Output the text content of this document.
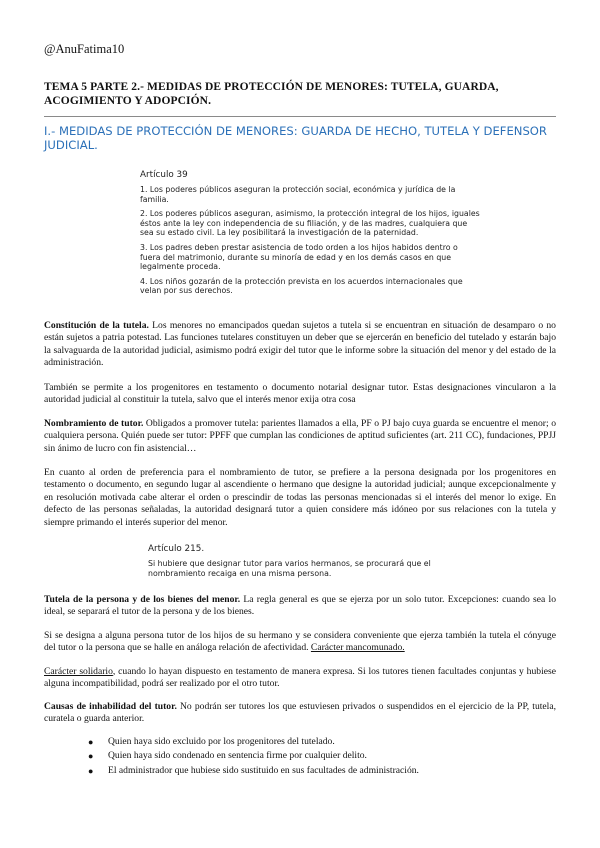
@AnuFatima10
TEMA 5 PARTE 2.- MEDIDAS DE PROTECCIÓN DE MENORES: TUTELA, GUARDA, ACOGIMIENTO Y ADOPCIÓN.
I.- MEDIDAS DE PROTECCIÓN DE MENORES: GUARDA DE HECHO, TUTELA Y DEFENSOR JUDICIAL.
Artículo 39
1. Los poderes públicos aseguran la protección social, económica y jurídica de la familia.
2. Los poderes públicos aseguran, asimismo, la protección integral de los hijos, iguales éstos ante la ley con independencia de su filiación, y de las madres, cualquiera que sea su estado civil. La ley posibilitará la investigación de la paternidad.
3. Los padres deben prestar asistencia de todo orden a los hijos habidos dentro o fuera del matrimonio, durante su minoría de edad y en los demás casos en que legalmente proceda.
4. Los niños gozarán de la protección prevista en los acuerdos internacionales que velan por sus derechos.
Constitución de la tutela. Los menores no emancipados quedan sujetos a tutela si se encuentran en situación de desamparo o no están sujetos a patria potestad. Las funciones tutelares constituyen un deber que se ejercerán en beneficio del tutelado y estarán bajo la salvaguarda de la autoridad judicial, asimismo podrá exigir del tutor que le informe sobre la situación del menor y del estado de la administración.
También se permite a los progenitores en testamento o documento notarial designar tutor. Estas designaciones vincularon a la autoridad judicial al constituir la tutela, salvo que el interés menor exija otra cosa
Nombramiento de tutor. Obligados a promover tutela: parientes llamados a ella, PF o PJ bajo cuya guarda se encuentre el menor; o cualquiera persona. Quién puede ser tutor: PPFF que cumplan las condiciones de aptitud suficientes (art. 211 CC), fundaciones, PPJJ sin ánimo de lucro con fin asistencial…
En cuanto al orden de preferencia para el nombramiento de tutor, se prefiere a la persona designada por los progenitores en testamento o documento, en segundo lugar al ascendiente o hermano que designe la autoridad judicial; aunque excepcionalmente y en resolución motivada cabe alterar el orden o prescindir de todas las personas mencionadas si el interés del menor lo exige. En defecto de las personas señaladas, la autoridad designará tutor a quien considere más idóneo por sus relaciones con la tutela y siempre primando el interés superior del menor.
Artículo 215.
Si hubiere que designar tutor para varios hermanos, se procurará que el nombramiento recaiga en una misma persona.
Tutela de la persona y de los bienes del menor. La regla general es que se ejerza por un solo tutor. Excepciones: cuando sea lo ideal, se separará el tutor de la persona y de los bienes.
Si se designa a alguna persona tutor de los hijos de su hermano y se considera conveniente que ejerza también la tutela el cónyuge del tutor o la persona que se halle en análoga relación de afectividad. Carácter mancomunado.
Carácter solidario, cuando lo hayan dispuesto en testamento de manera expresa. Si los tutores tienen facultades conjuntas y hubiese alguna incompatibilidad, podrá ser realizado por el otro tutor.
Causas de inhabilidad del tutor. No podrán ser tutores los que estuviesen privados o suspendidos en el ejercicio de la PP, tutela, curatela o guarda anterior.
● Quien haya sido excluido por los progenitores del tutelado.
● Quien haya sido condenado en sentencia firme por cualquier delito.
● El administrador que hubiese sido sustituido en sus facultades de administración.
